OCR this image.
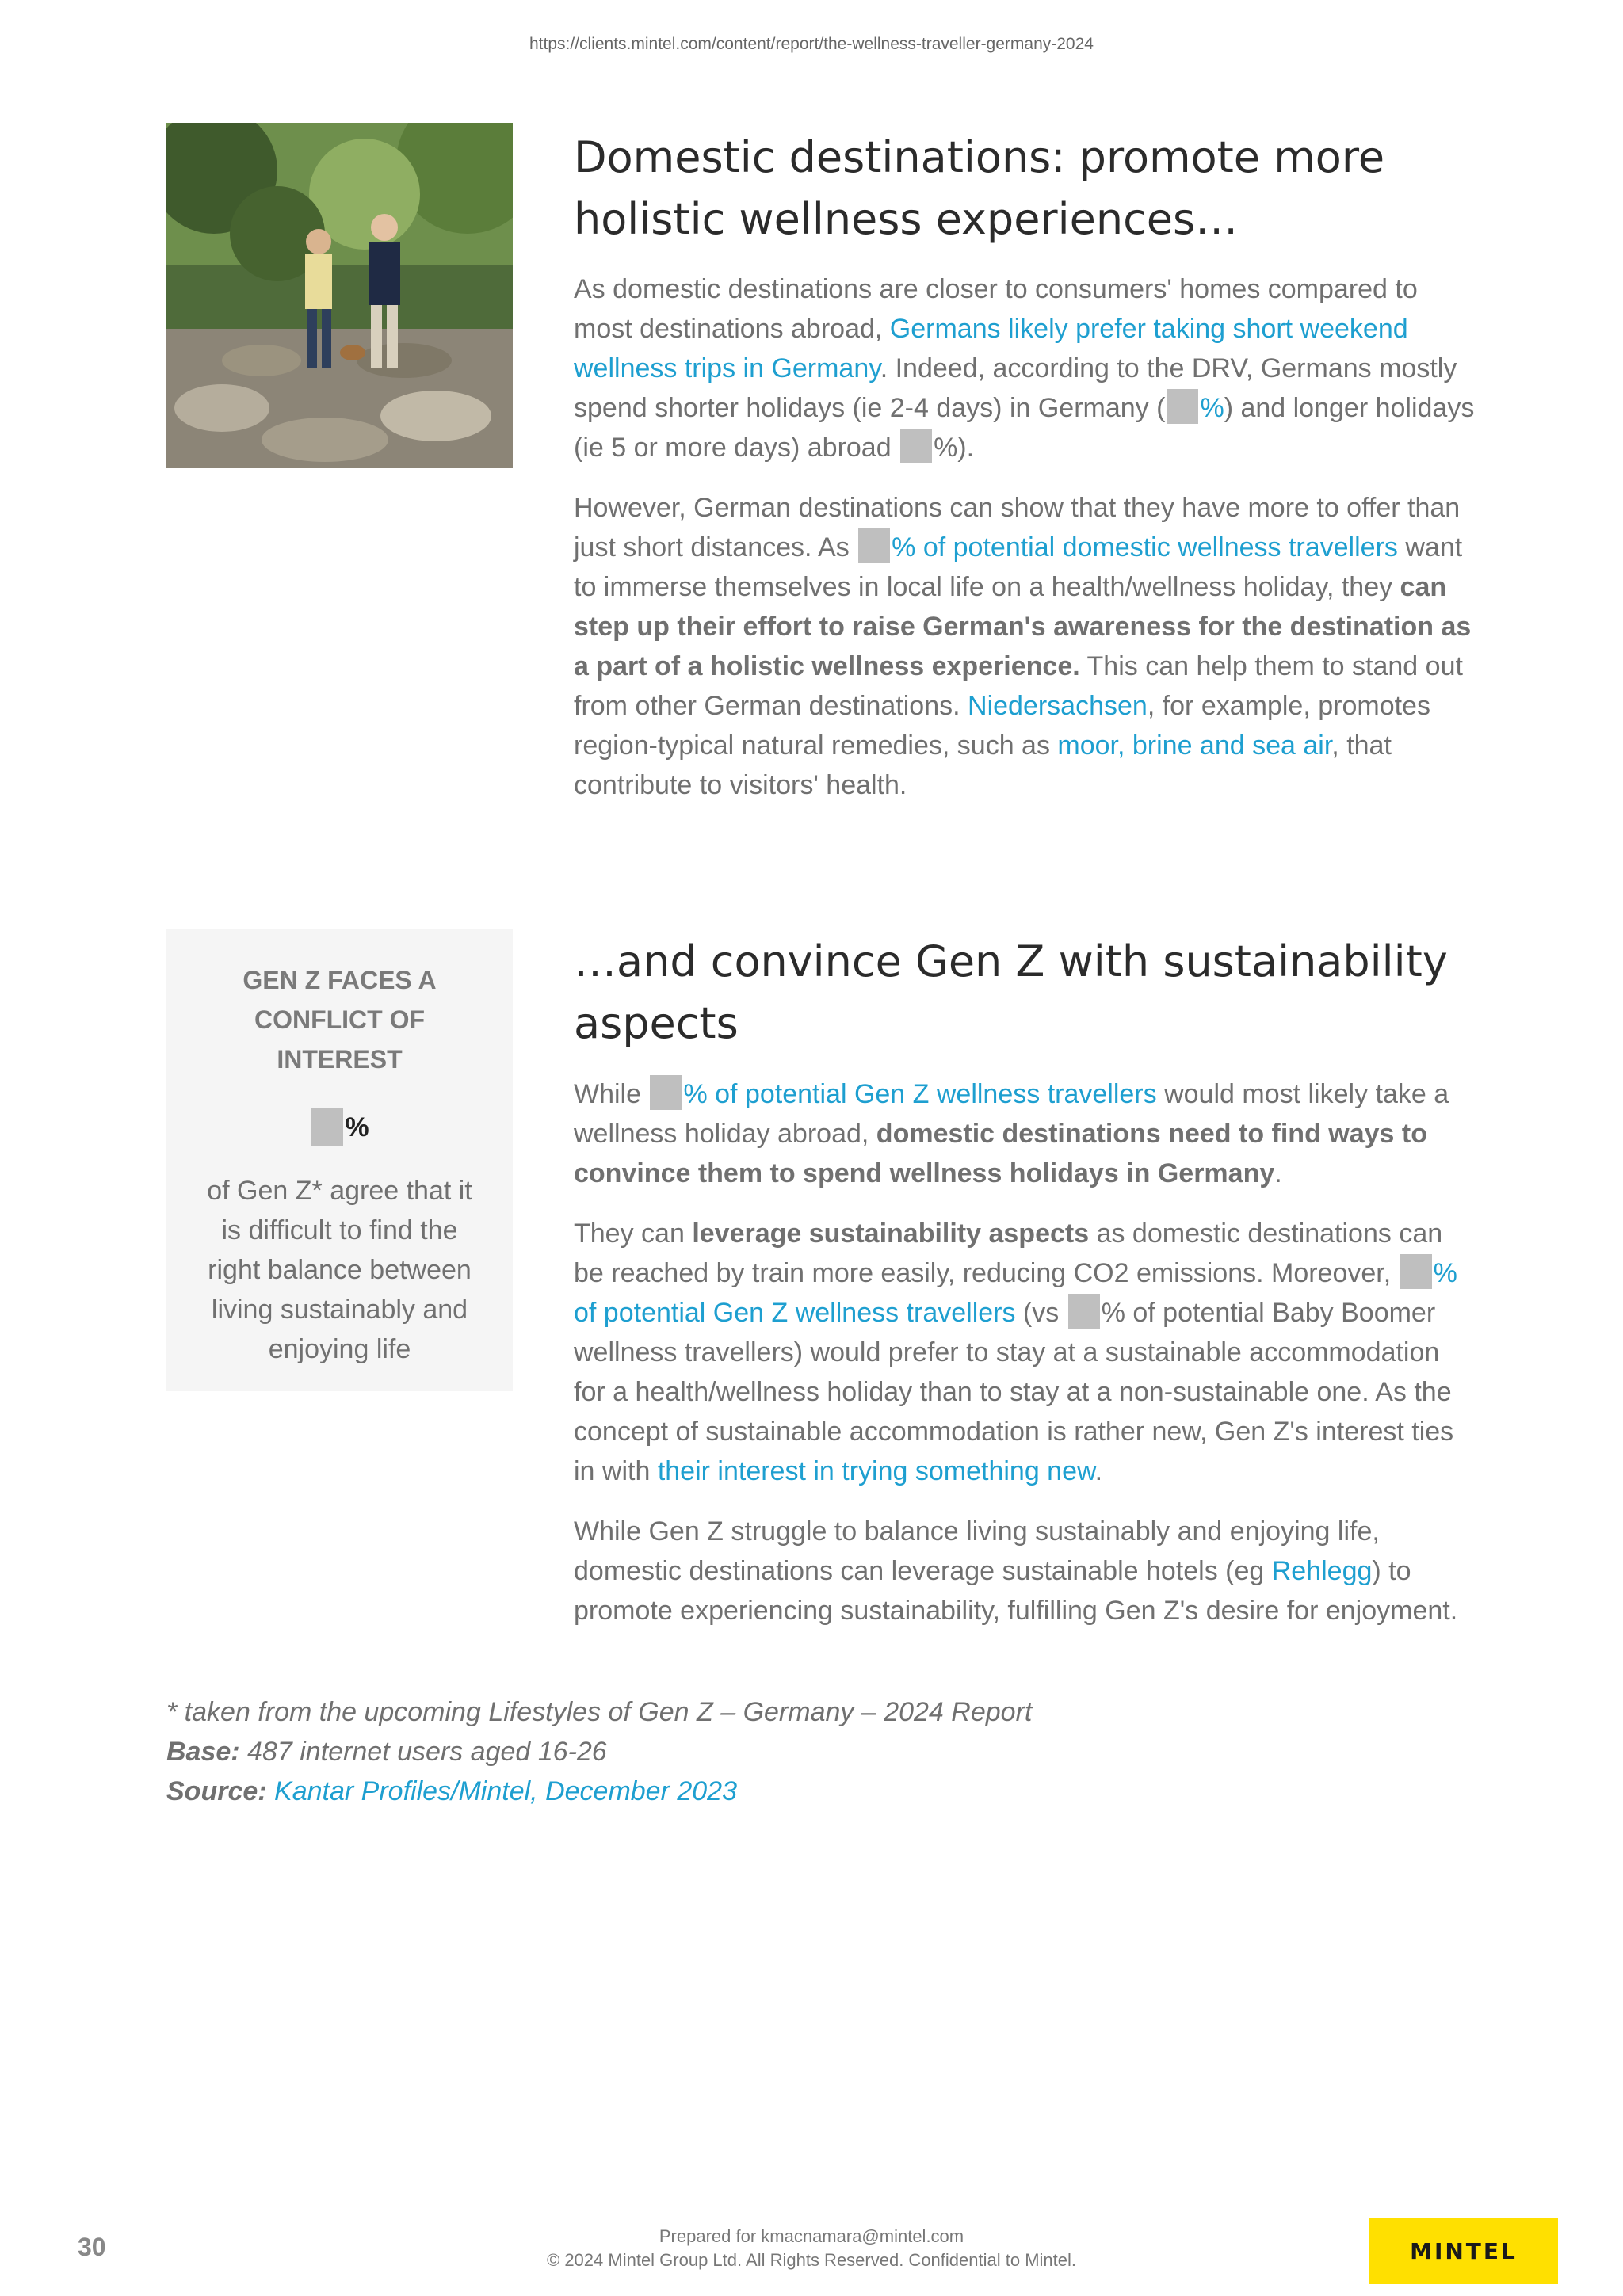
https://clients.mintel.com/content/report/the-wellness-traveller-germany-2024
Domestic destinations: promote more holistic wellness experiences…

As domestic destinations are closer to consumers' homes compared to most destinations abroad, Germans likely prefer taking short weekend wellness trips in Germany. Indeed, according to the DRV, Germans mostly spend shorter holidays (ie 2-4 days) in Germany ( %) and longer holidays (ie 5 or more days) abroad %).

However, German destinations can show that they have more to offer than just short distances. As % of potential domestic wellness travellers want to immerse themselves in local life on a health/wellness holiday, they can step up their effort to raise German's awareness for the destination as a part of a holistic wellness experience. This can help them to stand out from other German destinations. Niedersachsen, for example, promotes region-typical natural remedies, such as moor, brine and sea air, that contribute to visitors' health.

GEN Z FACES A CONFLICT OF INTEREST
%
of Gen Z* agree that it is difficult to find the right balance between living sustainably and enjoying life
…and convince Gen Z with sustainability aspects

While % of potential Gen Z wellness travellers would most likely take a wellness holiday abroad, domestic destinations need to find ways to convince them to spend wellness holidays in Germany.

They can leverage sustainability aspects as domestic destinations can be reached by train more easily, reducing CO2 emissions. Moreover, % of potential Gen Z wellness travellers (vs % of potential Baby Boomer wellness travellers) would prefer to stay at a sustainable accommodation for a health/wellness holiday than to stay at a non-sustainable one. As the concept of sustainable accommodation is rather new, Gen Z's interest ties in with their interest in trying something new.

While Gen Z struggle to balance living sustainably and enjoying life, domestic destinations can leverage sustainable hotels (eg Rehlegg) to promote experiencing sustainability, fulfilling Gen Z's desire for enjoyment.

* taken from the upcoming Lifestyles of Gen Z – Germany – 2024 Report

Base: 487 internet users aged 16-26

Source: Kantar Profiles/Mintel, December 2023

30	Prepared for kmacnamara@mintel.com

© 2024 Mintel Group Ltd. All Rights Reserved. Confidential to Mintel.	MINTEL
